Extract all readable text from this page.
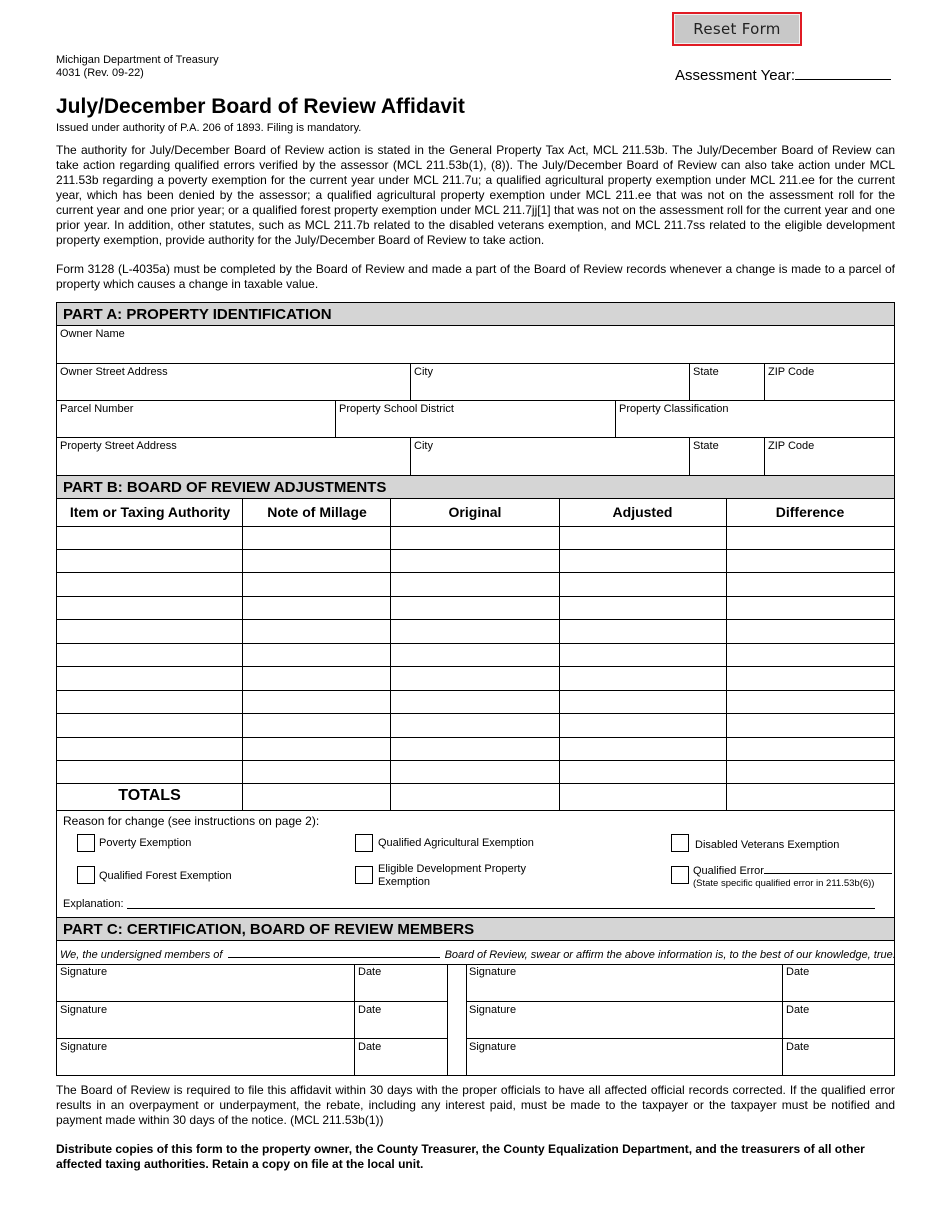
Reset Form
Michigan Department of Treasury
4031 (Rev. 09-22)	Assessment Year:
July/December Board of Review Affidavit
Issued under authority of P.A. 206 of 1893. Filing is mandatory.
The authority for July/December Board of Review action is stated in the General Property Tax Act, MCL 211.53b. The July/December Board of Review can take action regarding qualified errors verified by the assessor (MCL 211.53b(1), (8)). The July/December Board of Review can also take action under MCL 211.53b regarding a poverty exemption for the current year under MCL 211.7u; a qualified agricultural property exemption under MCL 211.ee for the current year, which has been denied by the assessor; a qualified agricultural property exemption under MCL 211.ee that was not on the assessment roll for the current year and one prior year; or a qualified forest property exemption under MCL 211.7jj[1] that was not on the assessment roll for the current year and one prior year. In addition, other statutes, such as MCL 211.7b related to the disabled veterans exemption, and MCL 211.7ss related to the eligible development property exemption, provide authority for the July/December Board of Review to take action.
Form 3128 (L-4035a) must be completed by the Board of Review and made a part of the Board of Review records whenever a change is made to a parcel of property which causes a change in taxable value.
PART A: PROPERTY IDENTIFICATION
Owner Name
Owner Street Address	City	State	ZIP Code
Parcel Number	Property School District	Property Classification
Property Street Address	City	State	ZIP Code
PART B: BOARD OF REVIEW ADJUSTMENTS
Item or Taxing Authority	Note of Millage	Original	Adjusted	Difference
TOTALS
Reason for change (see instructions on page 2):
Poverty Exemption	Qualified Agricultural Exemption	Disabled Veterans Exemption
Qualified Forest Exemption
Eligible Development Property
Exemption
Qualified Error
(State specific qualified error in 211.53b(6))
Explanation:
PART C: CERTIFICATION, BOARD OF REVIEW MEMBERS
We, the undersigned members of	Board of Review, swear or affirm the above information is, to the best of our knowledge, true.
Signature	Date	Signature	Date
Signature	Date	Signature	Date
Signature	Date	Signature	Date
The Board of Review is required to file this affidavit within 30 days with the proper officials to have all affected official records corrected. If the qualified error results in an overpayment or underpayment, the rebate, including any interest paid, must be made to the taxpayer or the taxpayer must be notified and payment made within 30 days of the notice. (MCL 211.53b(1))
Distribute copies of this form to the property owner, the County Treasurer, the County Equalization Department, and the treasurers of all other affected taxing authorities. Retain a copy on file at the local unit.
